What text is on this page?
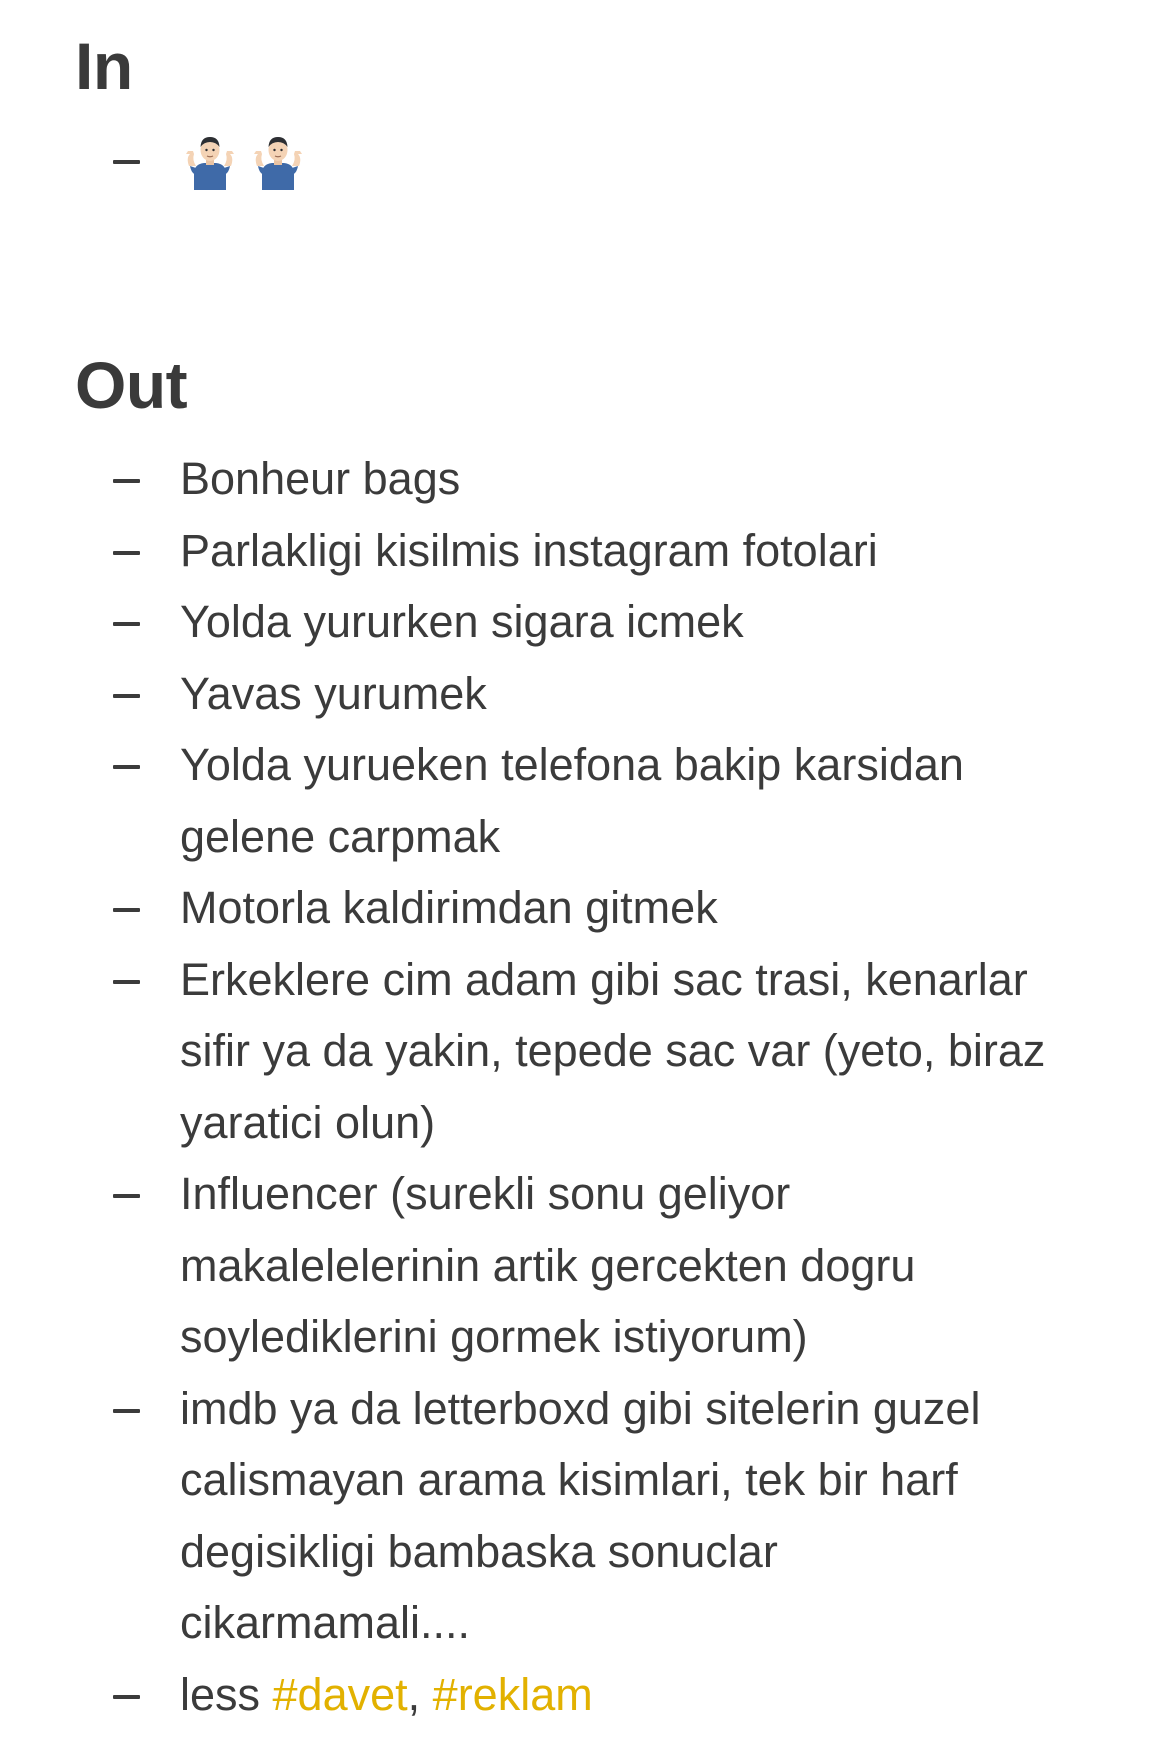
In
Out
Bonheur bags
Parlakligi kisilmis instagram fotolari
Yolda yururken sigara icmek
Yavas yurumek
Yolda yurueken telefona bakip karsidan gelene carpmak
Motorla kaldirimdan gitmek
Erkeklere cim adam gibi sac trasi, kenarlar sifir ya da yakin, tepede sac var (yeto, biraz yaratici olun)
Influencer (surekli sonu geliyor makalelelerinin artik gercekten dogru soylediklerini gormek istiyorum)
imdb ya da letterboxd gibi sitelerin guzel calismayan arama kisimlari, tek bir harf degisikligi bambaska sonuclar cikarmamali....
less #davet, #reklam
